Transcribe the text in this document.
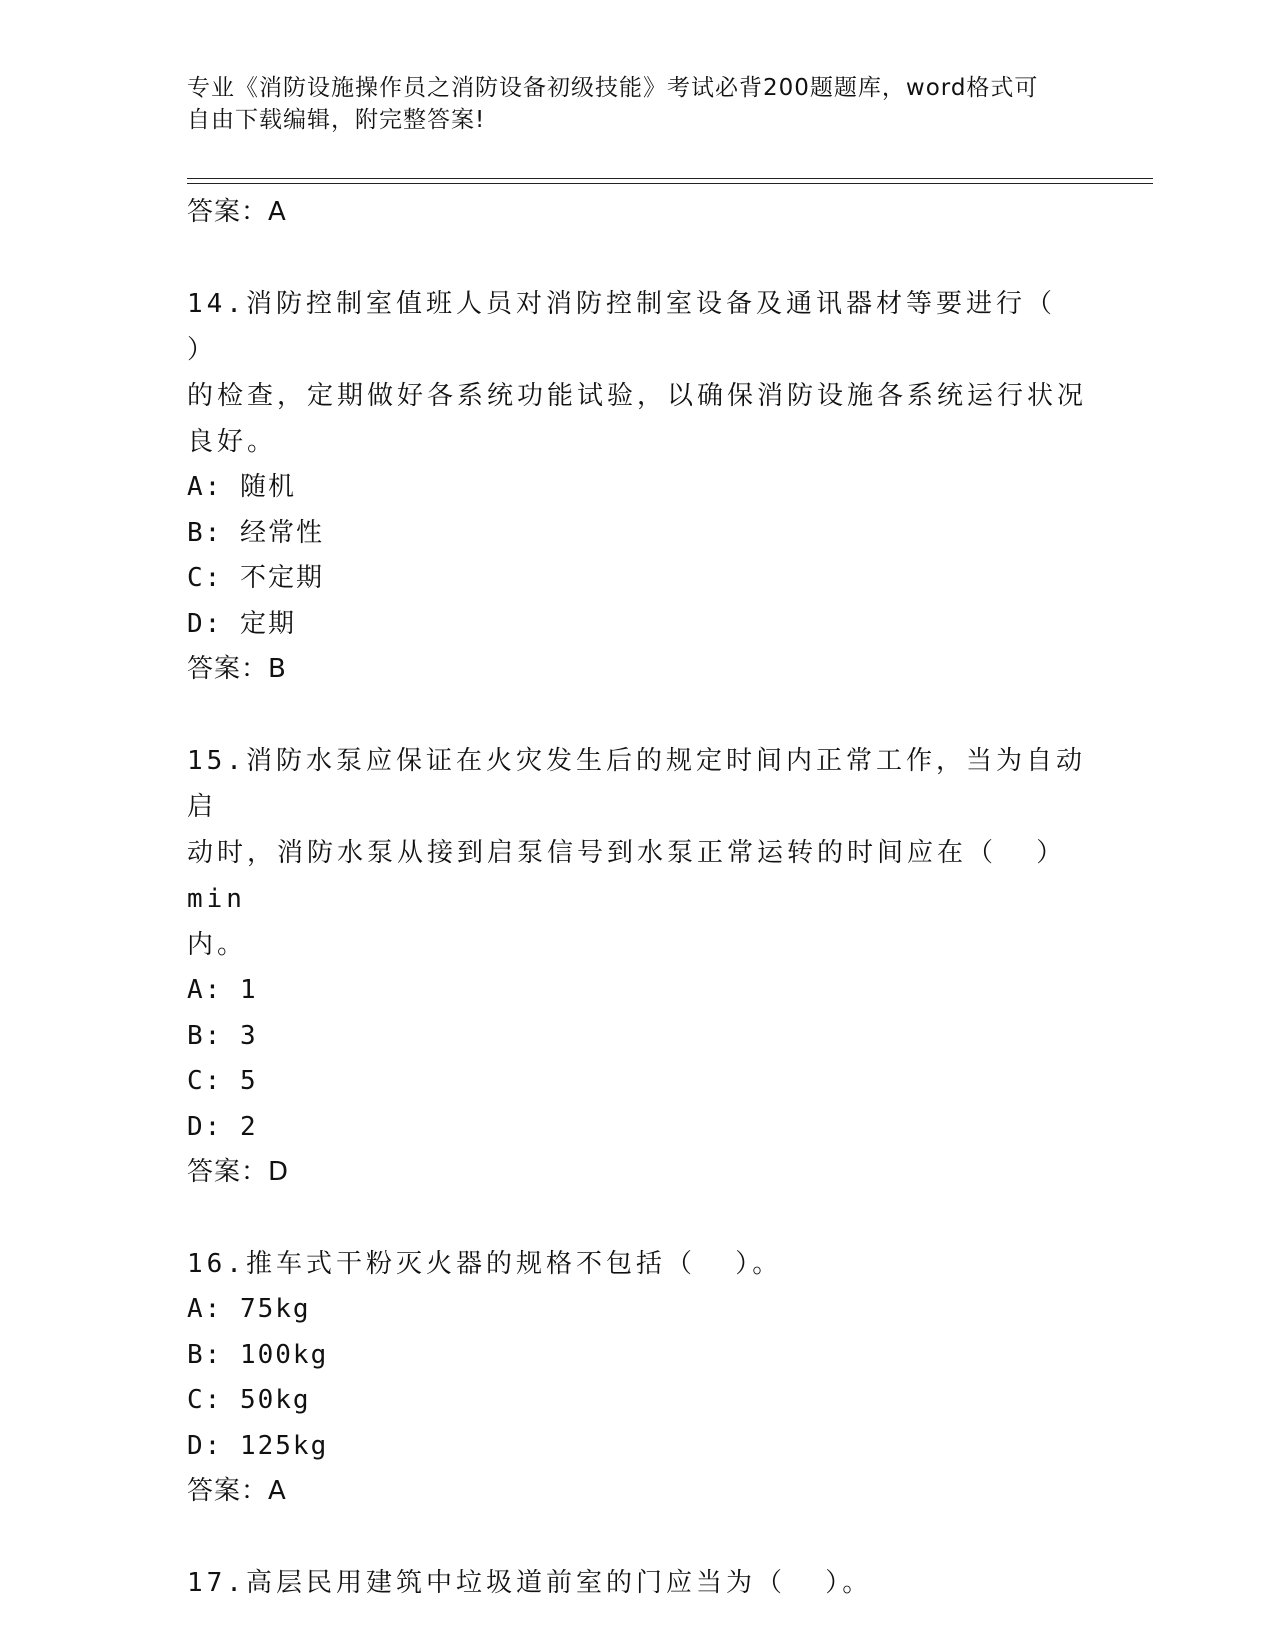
专业《消防设施操作员之消防设备初级技能》考试必背200题题库，word格式可
自由下载编辑，附完整答案!
答案：A
14.消防控制室值班人员对消防控制室设备及通讯器材等要进行（  ）
的检查，定期做好各系统功能试验，以确保消防设施各系统运行状况
良好。
A: 随机
B: 经常性
C: 不定期
D: 定期
答案：B
15.消防水泵应保证在火灾发生后的规定时间内正常工作，当为自动启
动时，消防水泵从接到启泵信号到水泵正常运转的时间应在（  ）min
内。
A: 1
B: 3
C: 5
D: 2
答案：D
16.推车式干粉灭火器的规格不包括（  ）。
A: 75kg
B: 100kg
C: 50kg
D: 125kg
答案：A
17.高层民用建筑中垃圾道前室的门应当为（  ）。
